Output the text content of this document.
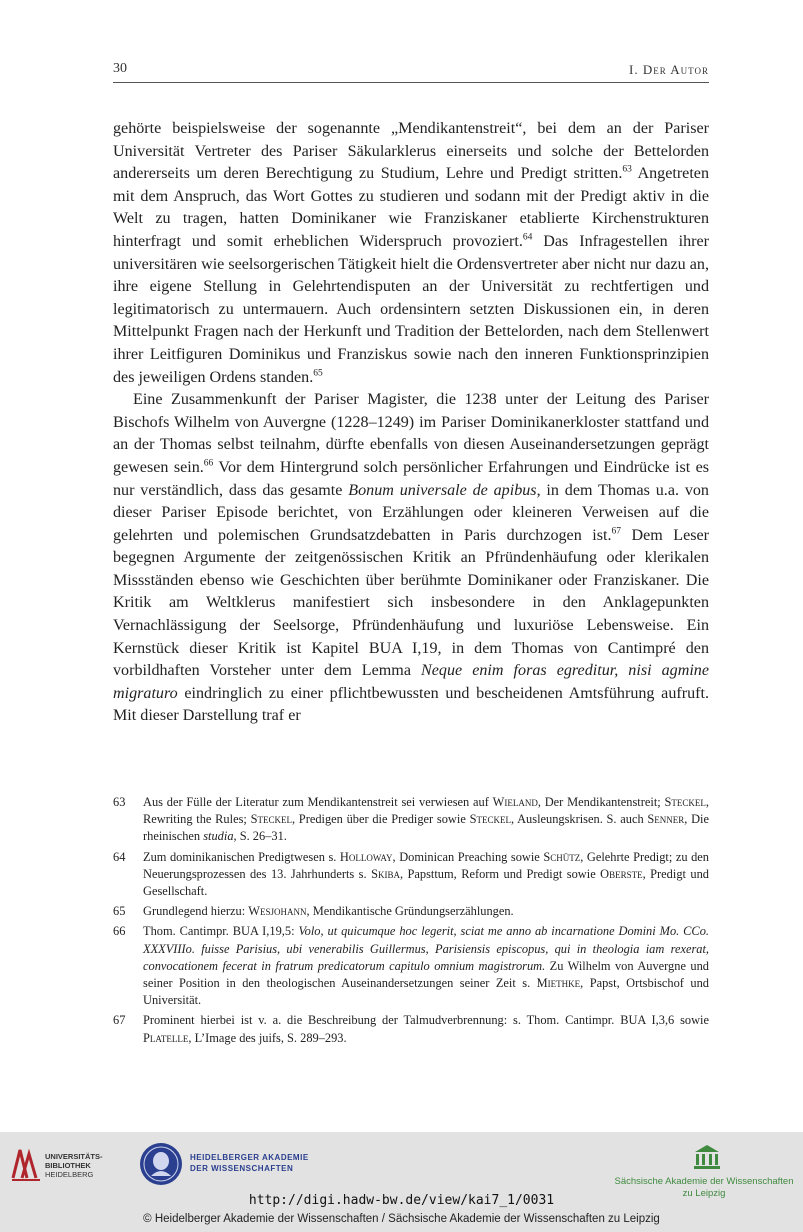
30	I. Der Autor

gehörte beispielsweise der sogenannte „Mendikantenstreit“, bei dem an der Pariser Universität Vertreter des Pariser Säkularklerus einerseits und solche der Bettelorden andererseits um deren Berechtigung zu Studium, Lehre und Predigt stritten.$^{63}$ Angetreten mit dem Anspruch, das Wort Gottes zu studieren und sodann mit der Predigt aktiv in die Welt zu tragen, hatten Dominikaner wie Franziskaner etablierte Kirchenstrukturen hinterfragt und somit erheblichen Widerspruch provoziert.$^{64}$ Das Infragestellen ihrer universitären wie seelsorgerischen Tätigkeit hielt die Ordensvertreter aber nicht nur dazu an, ihre eigene Stellung in Gelehrtendisputen an der Universität zu rechtfertigen und legitimatorisch zu untermauern. Auch ordensintern setzten Diskussionen ein, in deren Mittelpunkt Fragen nach der Herkunft und Tradition der Bettelorden, nach dem Stellenwert ihrer Leitfiguren Dominikus und Franziskus sowie nach den inneren Funktionsprinzipien des jeweiligen Ordens standen.$^{65}$

Eine Zusammenkunft der Pariser Magister, die 1238 unter der Leitung des Pariser Bischofs Wilhelm von Auvergne (1228–1249) im Pariser Dominikanerkloster stattfand und an der Thomas selbst teilnahm, dürfte ebenfalls von diesen Auseinandersetzungen geprägt gewesen sein.$^{66}$ Vor dem Hintergrund solch persönlicher Erfahrungen und Eindrücke ist es nur verständlich, dass das gesamte Bonum universale de apibus, in dem Thomas u.a. von dieser Pariser Episode berichtet, von Erzählungen oder kleineren Verweisen auf die gelehrten und polemischen Grundsatzdebatten in Paris durchzogen ist.$^{67}$ Dem Leser begegnen Argumente der zeitgenössischen Kritik an Pfründenhäufung oder klerikalen Missständen ebenso wie Geschichten über berühmte Dominikaner oder Franziskaner. Die Kritik am Weltklerus manifestiert sich insbesondere in den Anklagepunkten Vernachlässigung der Seelsorge, Pfründenhäufung und luxuriöse Lebensweise. Ein Kernstück dieser Kritik ist Kapitel BUA I,19, in dem Thomas von Cantimpré den vorbildhaften Vorsteher unter dem Lemma Neque enim foras egreditur, nisi agmine migraturo eindringlich zu einer pflichtbewussten und bescheidenen Amtsführung aufruft. Mit dieser Darstellung traf er

63 Aus der Fülle der Literatur zum Mendikantenstreit sei verwiesen auf Wieland, Der Mendikantenstreit; Steckel, Rewriting the Rules; Steckel, Predigen über die Prediger sowie Steckel, Ausleungskrisen. S. auch Senner, Die rheinischen studia, S. 26–31.
64 Zum dominikanischen Predigtwesen s. Holloway, Dominican Preaching sowie Schütz, Gelehrte Predigt; zu den Neuerungsprozessen des 13. Jahrhunderts s. Skiba, Papsttum, Reform und Predigt sowie Oberste, Predigt und Gesellschaft.
65 Grundlegend hierzu: Wesjohann, Mendikantische Gründungserzählungen.
66 Thom. Cantimpr. BUA I,19,5: Volo, ut quicumque hoc legerit, sciat me anno ab incarnatione Domini Mo. CCo. XXXVIIIo. fuisse Parisius, ubi venerabilis Guillermus, Parisiensis episcopus, qui in theologia iam rexerat, convocationem fecerat in fratrum predicatorum capitulo omnium magistrorum. Zu Wilhelm von Auvergne und seiner Position in den theologischen Auseinandersetzungen seiner Zeit s. Miethke, Papst, Ortsbischof und Universität.
67 Prominent hierbei ist v. a. die Beschreibung der Talmudverbrennung: s. Thom. Cantimpr. BUA I,3,6 sowie Platelle, L’Image des juifs, S. 289–293.
UNIVERSITÄTS-
BIBLIOTHEK
HEIDELBERG
HEIDELBERGER AKADEMIE
DER WISSENSCHAFTEN
Sächsische Akademie der Wissenschaften
zu Leipzig
http://digi.hadw-bw.de/view/kai7_1/0031
© Heidelberger Akademie der Wissenschaften / Sächsische Akademie der Wissenschaften zu Leipzig
